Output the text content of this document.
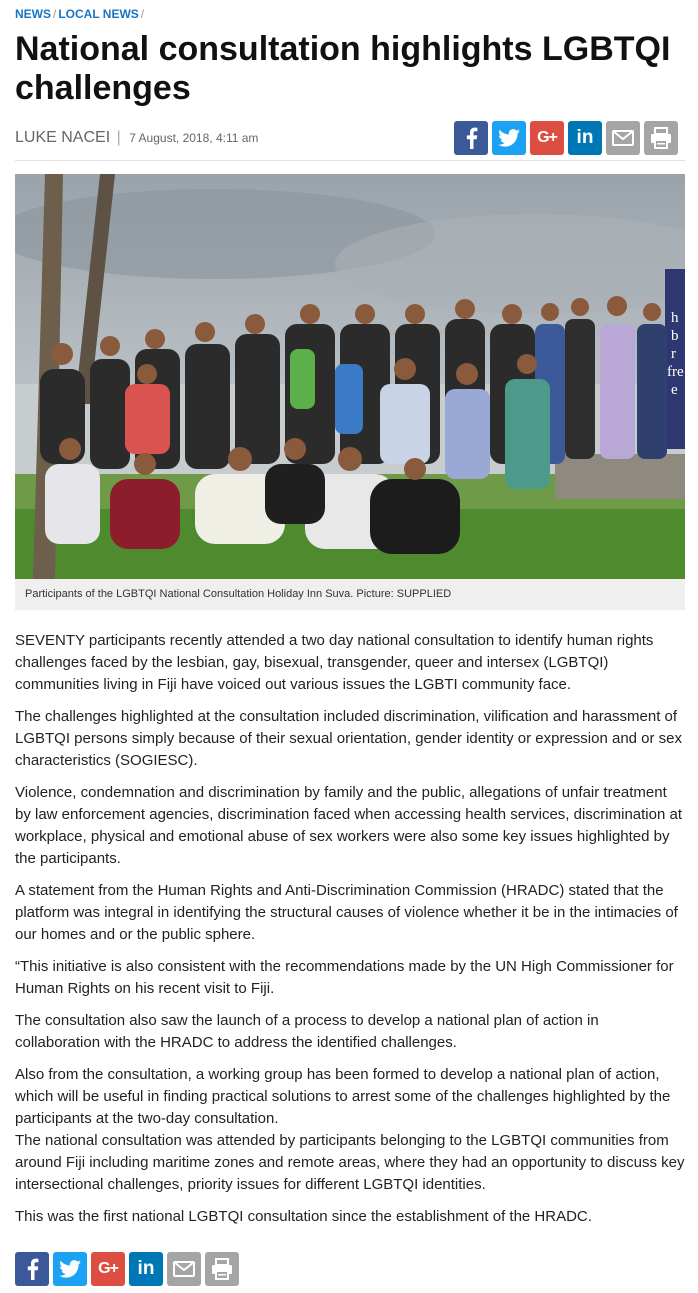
NEWS / LOCAL NEWS /
National consultation highlights LGBTQI challenges
LUKE NACEI | 7 August, 2018, 4:11 am	G+ in
h
b
r
fre
e
Participants of the LGBTQI National Consultation Holiday Inn Suva. Picture: SUPPLIED

SEVENTY participants recently attended a two day national consultation to identify human rights challenges faced by the lesbian, gay, bisexual, transgender, queer and intersex (LGBTQI) communities living in Fiji have voiced out various issues the LGBTI community face.

The challenges highlighted at the consultation included discrimination, vilification and harassment of LGBTQI persons simply because of their sexual orientation, gender identity or expression and or sex characteristics (SOGIESC).

Violence, condemnation and discrimination by family and the public, allegations of unfair treatment by law enforcement agencies, discrimination faced when accessing health services, discrimination at workplace, physical and emotional abuse of sex workers were also some key issues highlighted by the participants.

A statement from the Human Rights and Anti-Discrimination Commission (HRADC) stated that the platform was integral in identifying the structural causes of violence whether it be in the intimacies of our homes and or the public sphere.

“This initiative is also consistent with the recommendations made by the UN High Commissioner for Human Rights on his recent visit to Fiji.

The consultation also saw the launch of a process to develop a national plan of action in collaboration with the HRADC to address the identified challenges.

Also from the consultation, a working group has been formed to develop a national plan of action, which will be useful in finding practical solutions to arrest some of the challenges highlighted by the participants at the two-day consultation.

The national consultation was attended by participants belonging to the LGBTQI communities from around Fiji including maritime zones and remote areas, where they had an opportunity to discuss key intersectional challenges, priority issues for different LGBTQI identities.

This was the first national LGBTQI consultation since the establishment of the HRADC.

G+ in
